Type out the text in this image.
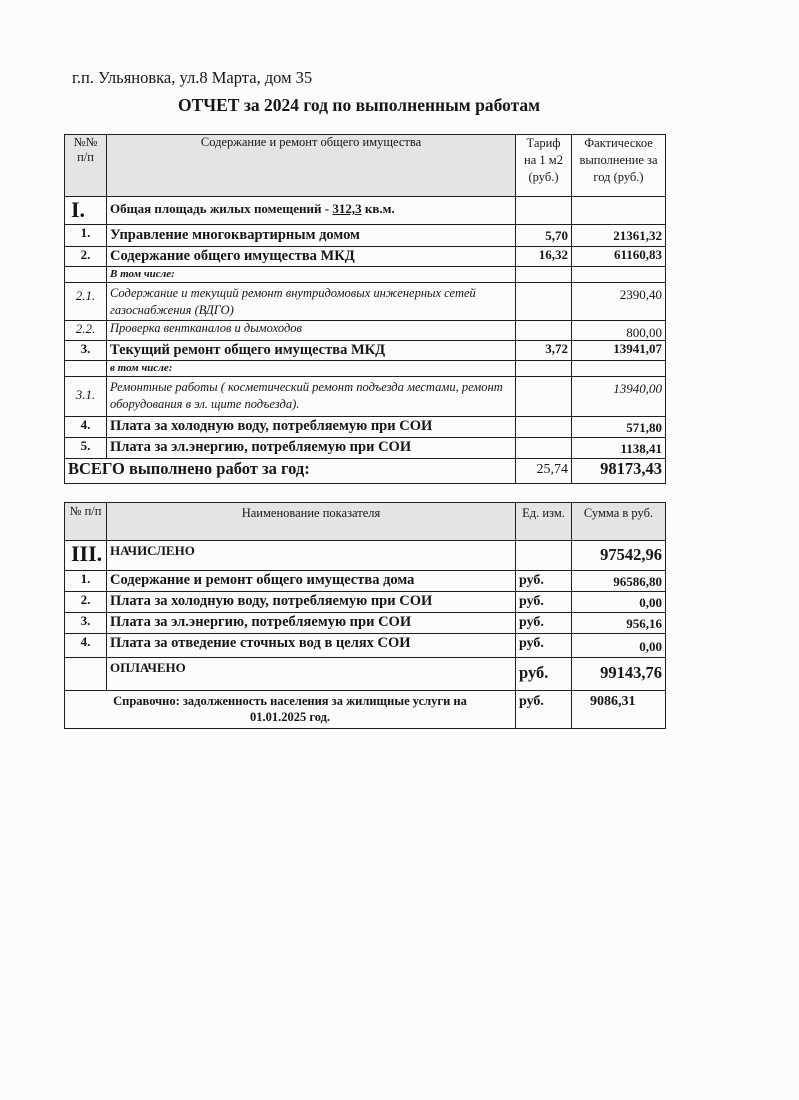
г.п. Ульяновка, ул.8 Марта, дом 35
ОТЧЕТ за 2024 год по выполненным работам
№№ п/п	Содержание и ремонт общего имущества	Тариф на 1 м2 (руб.)	Фактическое выполнение за год (руб.)
I.	Общая площадь жилых помещений - 312,3 кв.м.		
1.	Управление многоквартирным домом	5,70	21361,32
2.	Содержание общего имущества МКД	16,32	61160,83
	В том числе:		
2.1.	Содержание и текущий ремонт внутридомовых инженерных сетей газоснабжения (ВДГО)		2390,40
2.2.	Проверка вентканалов и дымоходов		800,00
3.	Текущий ремонт общего имущества МКД	3,72	13941,07
	в том числе:		
3.1.	Ремонтные работы ( косметический ремонт подъезда местами, ремонт оборудования в эл. щите подъезда).		13940,00
4.	Плата за холодную воду, потребляемую при СОИ		571,80
5.	Плата за эл.энергию, потребляемую при СОИ		1138,41
ВСЕГО выполнено работ за год:		25,74	98173,43
№ п/п	Наименование показателя	Ед. изм.	Сумма в руб.
III.	НАЧИСЛЕНО		97542,96
1.	Содержание и ремонт общего имущества дома	руб.	96586,80
2.	Плата за холодную воду, потребляемую при СОИ	руб.	0,00
3.	Плата за эл.энергию, потребляемую при СОИ	руб.	956,16
4.	Плата за отведение сточных вод в целях СОИ	руб.	0,00
	ОПЛАЧЕНО	руб.	99143,76
Справочно: задолженность населения за жилищные услуги на 01.01.2025 год.		руб.	9086,31
